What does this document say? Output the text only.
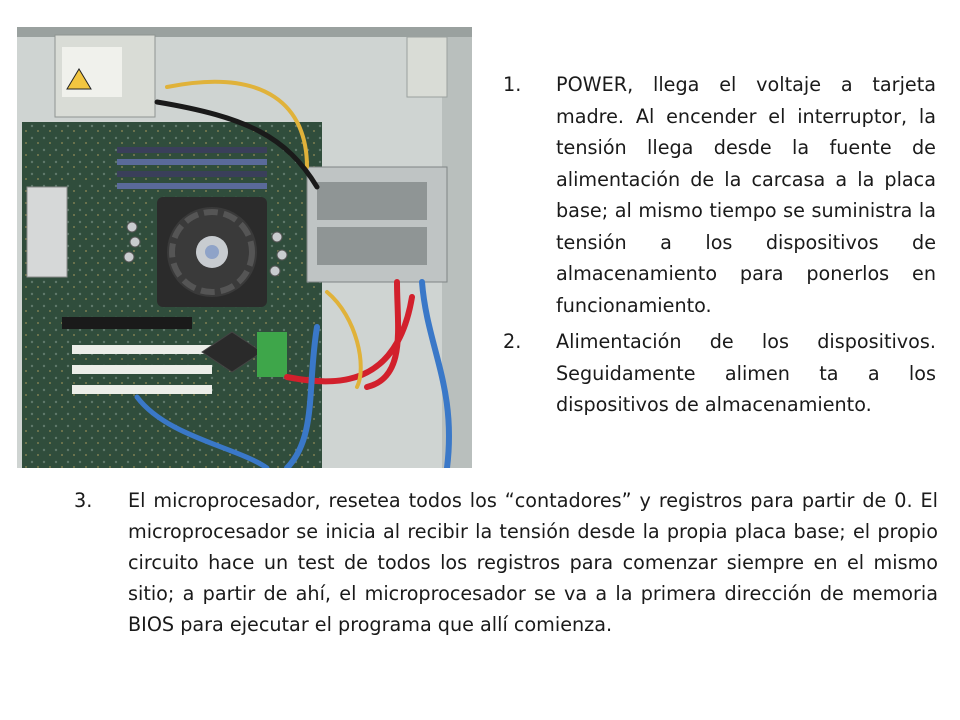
1.	POWER, llega el voltaje a tarjeta madre. Al encender el interruptor, la tensión llega desde la fuente de alimentación de la carcasa a la placa base; al mismo tiempo se suministra la tensión a los dispositivos de almacenamiento para ponerlos en funcionamiento.
2.	Alimentación de los dispositivos. Seguidamente alimen ta a los dispositivos de almacenamiento.
3.	El microprocesador, resetea todos los “contadores” y registros para partir de 0. El microprocesador se inicia al recibir la tensión desde la propia placa base; el propio circuito hace un test de todos los registros para comenzar siempre en el mismo sitio; a partir de ahí, el microprocesador se va a la primera dirección de memoria BIOS para ejecutar el programa que allí comienza.
